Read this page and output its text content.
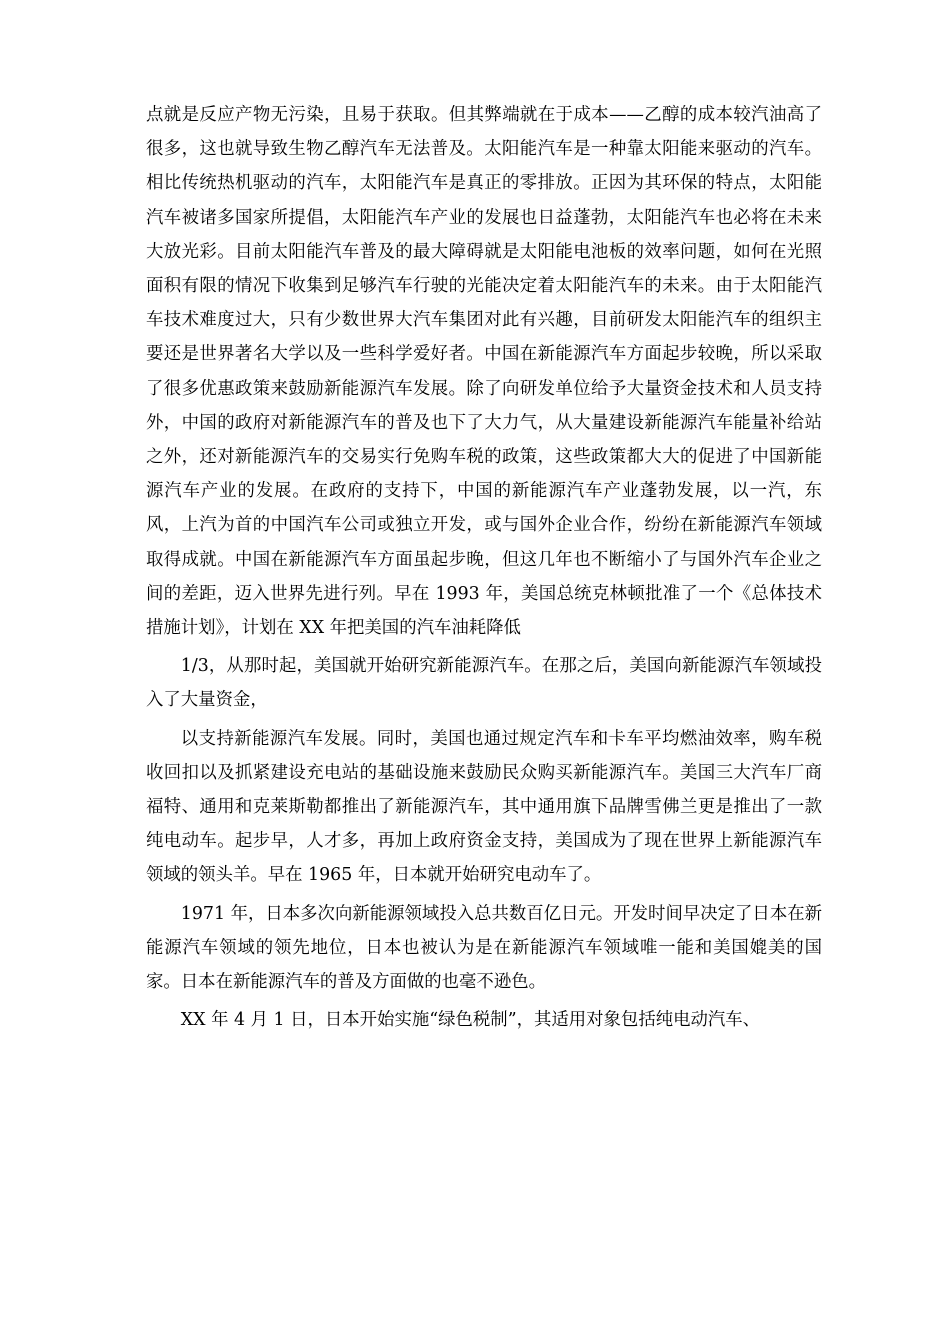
点就是反应产物无污染，且易于获取。但其弊端就在于成本——乙醇的成本较汽油高了很多，这也就导致生物乙醇汽车无法普及。太阳能汽车是一种靠太阳能来驱动的汽车。相比传统热机驱动的汽车，太阳能汽车是真正的零排放。正因为其环保的特点，太阳能汽车被诸多国家所提倡，太阳能汽车产业的发展也日益蓬勃，太阳能汽车也必将在未来大放光彩。目前太阳能汽车普及的最大障碍就是太阳能电池板的效率问题，如何在光照面积有限的情况下收集到足够汽车行驶的光能决定着太阳能汽车的未来。由于太阳能汽车技术难度过大，只有少数世界大汽车集团对此有兴趣，目前研发太阳能汽车的组织主要还是世界著名大学以及一些科学爱好者。中国在新能源汽车方面起步较晚，所以采取了很多优惠政策来鼓励新能源汽车发展。除了向研发单位给予大量资金技术和人员支持外，中国的政府对新能源汽车的普及也下了大力气，从大量建设新能源汽车能量补给站之外，还对新能源汽车的交易实行免购车税的政策，这些政策都大大的促进了中国新能源汽车产业的发展。在政府的支持下，中国的新能源汽车产业蓬勃发展，以一汽，东风，上汽为首的中国汽车公司或独立开发，或与国外企业合作，纷纷在新能源汽车领域取得成就。中国在新能源汽车方面虽起步晚，但这几年也不断缩小了与国外汽车企业之间的差距，迈入世界先进行列。早在 1993 年，美国总统克林顿批准了一个《总体技术措施计划》，计划在 XX 年把美国的汽车油耗降低

1/3，从那时起，美国就开始研究新能源汽车。在那之后，美国向新能源汽车领域投入了大量资金，

以支持新能源汽车发展。同时，美国也通过规定汽车和卡车平均燃油效率，购车税收回扣以及抓紧建设充电站的基础设施来鼓励民众购买新能源汽车。美国三大汽车厂商福特、通用和克莱斯勒都推出了新能源汽车，其中通用旗下品牌雪佛兰更是推出了一款纯电动车。起步早，人才多，再加上政府资金支持，美国成为了现在世界上新能源汽车领域的领头羊。早在 1965 年，日本就开始研究电动车了。

1971 年，日本多次向新能源领域投入总共数百亿日元。开发时间早决定了日本在新能源汽车领域的领先地位，日本也被认为是在新能源汽车领域唯一能和美国媲美的国家。日本在新能源汽车的普及方面做的也毫不逊色。

XX 年 4 月 1 日，日本开始实施“绿色税制”，其适用对象包括纯电动汽车、
